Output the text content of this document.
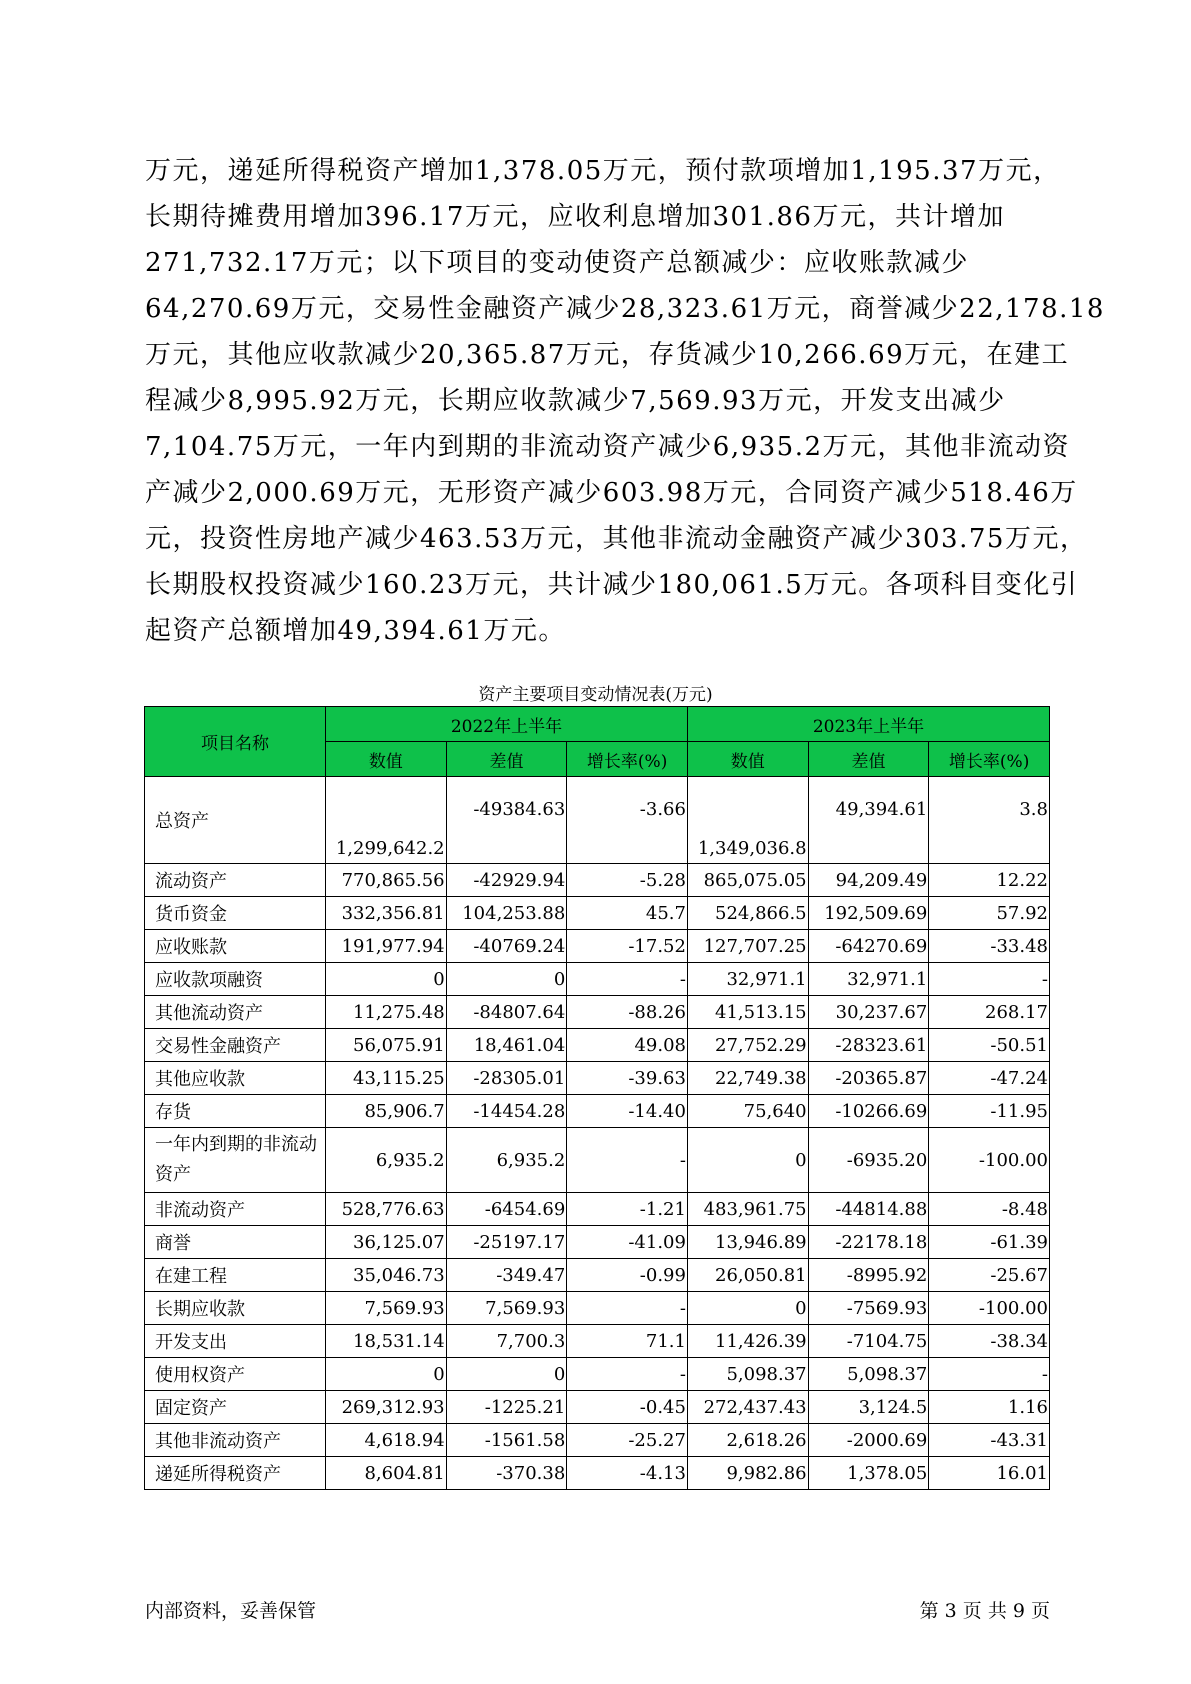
万元，递延所得税资产增加1,378.05万元，预付款项增加1,195.37万元，
长期待摊费用增加396.17万元，应收利息增加301.86万元，共计增加
271,732.17万元；以下项目的变动使资产总额减少：应收账款减少
64,270.69万元，交易性金融资产减少28,323.61万元，商誉减少22,178.18
万元，其他应收款减少20,365.87万元，存货减少10,266.69万元，在建工
程减少8,995.92万元，长期应收款减少7,569.93万元，开发支出减少
7,104.75万元，一年内到期的非流动资产减少6,935.2万元，其他非流动资
产减少2,000.69万元，无形资产减少603.98万元，合同资产减少518.46万
元，投资性房地产减少463.53万元，其他非流动金融资产减少303.75万元，
长期股权投资减少160.23万元，共计减少180,061.5万元。各项科目变化引
起资产总额增加49,394.61万元。
资产主要项目变动情况表(万元)
项目名称	2022年上半年			2023年上半年		
	数值	差值	增长率(%)	数值	差值	增长率(%)
总资产	1,299,642.2	-49384.63	-3.66	1,349,036.8	49,394.61	3.8
流动资产	770,865.56	-42929.94	-5.28	865,075.05	94,209.49	12.22
货币资金	332,356.81	104,253.88	45.7	524,866.5	192,509.69	57.92
应收账款	191,977.94	-40769.24	-17.52	127,707.25	-64270.69	-33.48
应收款项融资	0	0	-	32,971.1	32,971.1	-
其他流动资产	11,275.48	-84807.64	-88.26	41,513.15	30,237.67	268.17
交易性金融资产	56,075.91	18,461.04	49.08	27,752.29	-28323.61	-50.51
其他应收款	43,115.25	-28305.01	-39.63	22,749.38	-20365.87	-47.24
存货	85,906.7	-14454.28	-14.40	75,640	-10266.69	-11.95
一年内到期的非流动资产	6,935.2	6,935.2	-	0	-6935.20	-100.00
非流动资产	528,776.63	-6454.69	-1.21	483,961.75	-44814.88	-8.48
商誉	36,125.07	-25197.17	-41.09	13,946.89	-22178.18	-61.39
在建工程	35,046.73	-349.47	-0.99	26,050.81	-8995.92	-25.67
长期应收款	7,569.93	7,569.93	-	0	-7569.93	-100.00
开发支出	18,531.14	7,700.3	71.1	11,426.39	-7104.75	-38.34
使用权资产	0	0	-	5,098.37	5,098.37	-
固定资产	269,312.93	-1225.21	-0.45	272,437.43	3,124.5	1.16
其他非流动资产	4,618.94	-1561.58	-25.27	2,618.26	-2000.69	-43.31
递延所得税资产	8,604.81	-370.38	-4.13	9,982.86	1,378.05	16.01
内部资料，妥善保管	第 3 页 共 9 页
